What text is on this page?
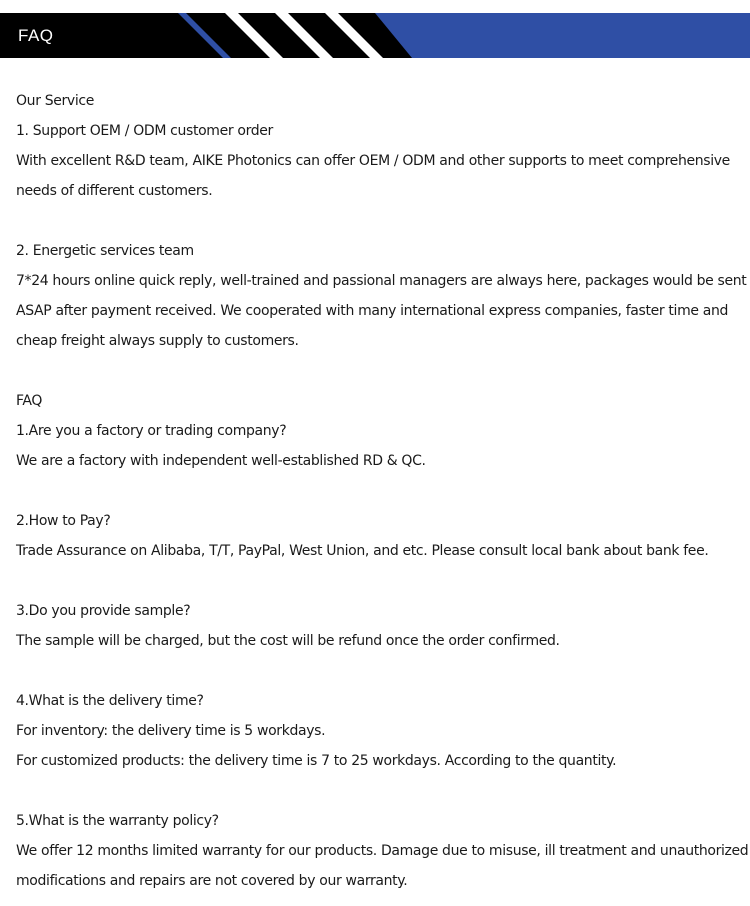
FAQ
Our Service
1. Support OEM / ODM customer order
With excellent R&D team, AIKE Photonics can offer OEM / ODM and other supports to meet comprehensive
needs of different customers.
2. Energetic services team
7*24 hours online quick reply, well-trained and passional managers are always here, packages would be sent
ASAP after payment received. We cooperated with many international express companies, faster time and
cheap freight always supply to customers.
FAQ
1.Are you a factory or trading company?
We are a factory with independent well-established RD & QC.
2.How to Pay?
Trade Assurance on Alibaba, T/T, PayPal, West Union, and etc. Please consult local bank about bank fee.
3.Do you provide sample?
The sample will be charged, but the cost will be refund once the order confirmed.
4.What is the delivery time?
For inventory: the delivery time is 5 workdays.
For customized products: the delivery time is 7 to 25 workdays. According to the quantity.
5.What is the warranty policy?
We offer 12 months limited warranty for our products. Damage due to misuse, ill treatment and unauthorized
modifications and repairs are not covered by our warranty.
